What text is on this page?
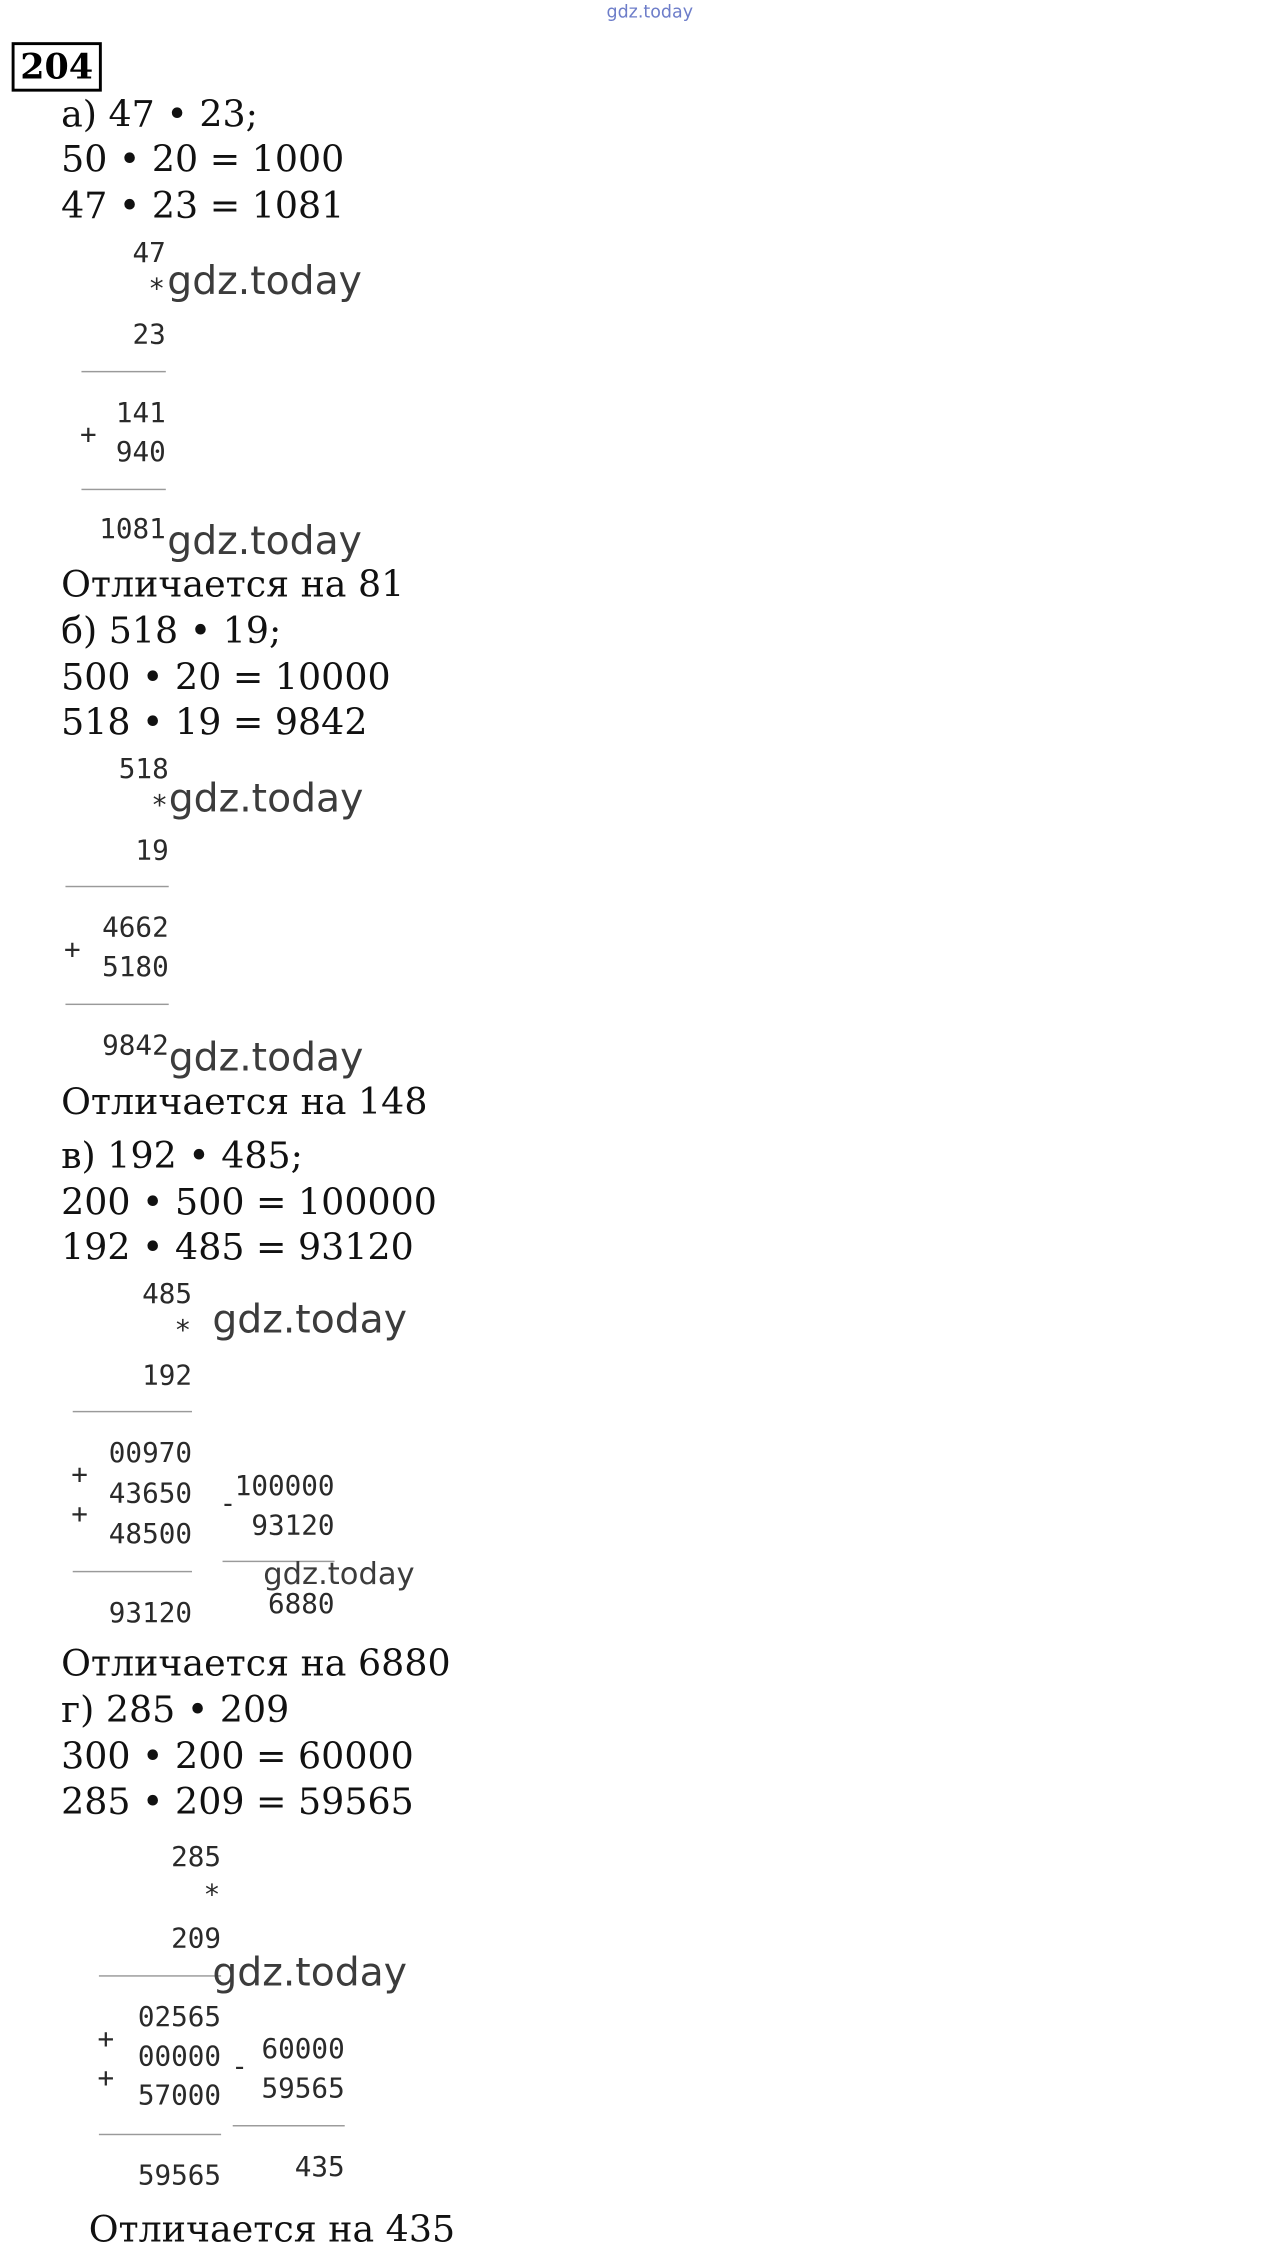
gdz.today
204
а) 47 • 23;
50 • 20 = 1000
47 • 23 = 1081
47
* gdz.today
23
141
+
940
1081 gdz.today
Отличается на 81
б) 518 • 19;
500 • 20 = 10000
518 • 19 = 9842
518
* gdz.today
19
4662
+
5180
9842 gdz.today
Отличается на 148
в) 192 • 485;
200 • 500 = 100000
192 • 485 = 93120
485
* gdz.today
192
00970
+
43650
+
48500
93120
100000
-
93120
gdz.today
6880
Отличается на 6880
г) 285 • 209
300 • 200 = 60000
285 • 209 = 59565
285
*
209
gdz.today
02565
+
00000
+
57000
59565
60000
-
59565
435
Отличается на 435
